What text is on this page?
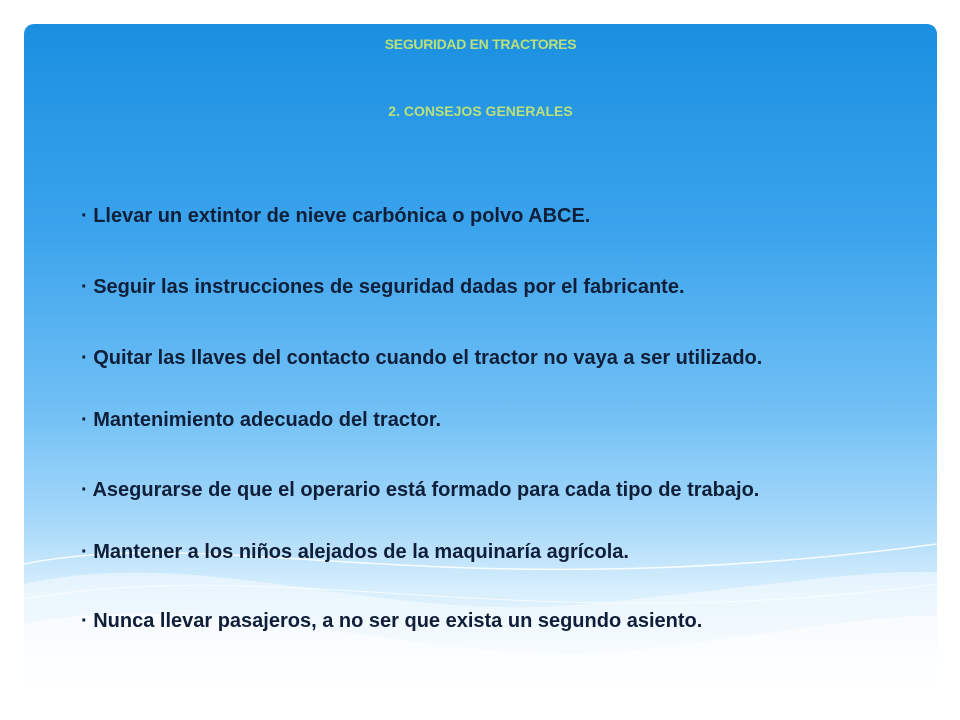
SEGURIDAD EN TRACTORES
2. CONSEJOS GENERALES
· Llevar un extintor de nieve carbónica o polvo ABCE.
· Seguir las instrucciones de seguridad dadas por el fabricante.
· Quitar las llaves del contacto cuando el tractor no vaya a ser utilizado.
· Mantenimiento adecuado del tractor.
· Asegurarse de que el operario está formado para cada tipo de trabajo.
· Mantener a los niños alejados de la maquinaría agrícola.
· Nunca llevar pasajeros, a no ser que exista un segundo asiento.
